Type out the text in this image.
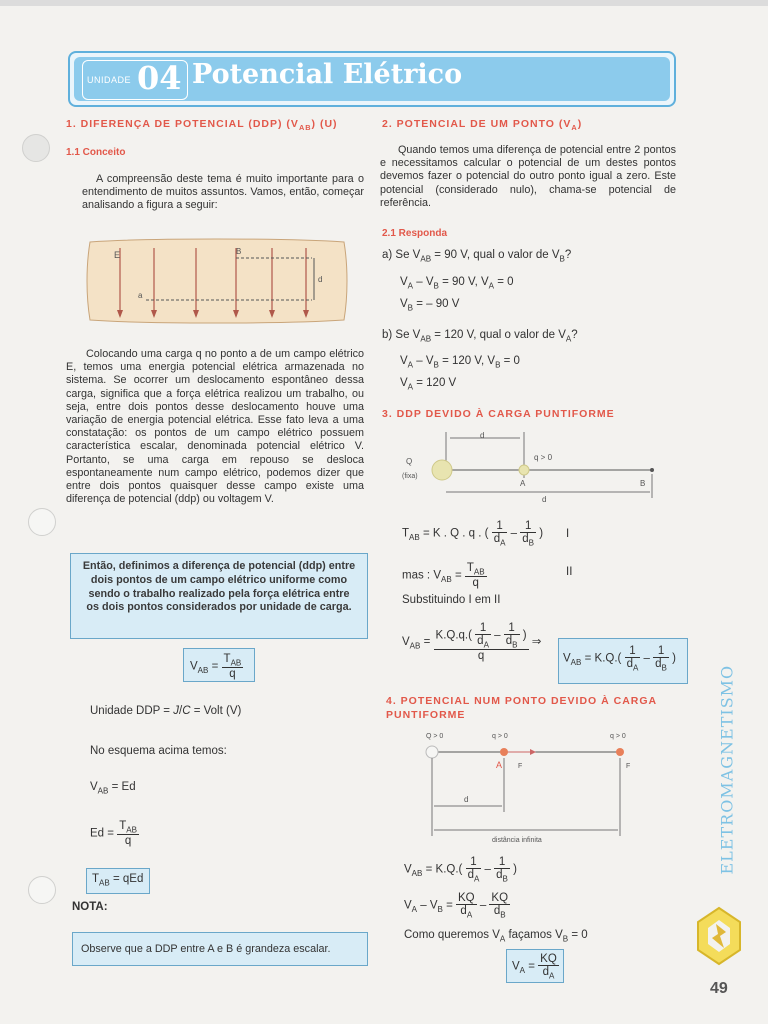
UNIDADE 04 Potencial Elétrico
1. DIFERENÇA DE POTENCIAL (DDP) $(V_{AB})$ (U)
1.1 Conceito
A compreensão deste tema é muito importante para o entendimento de muitos assuntos. Vamos, então, começar analisando a figura a seguir:
E	B
a
d
Colocando uma carga q no ponto a de um campo elétrico E, temos uma energia potencial elétrica armazenada no sistema. Se ocorrer um deslocamento espontâneo dessa carga, significa que a força elétrica realizou um trabalho, ou seja, entre dois pontos desse deslocamento houve uma variação de energia potencial elétrica. Esse fato leva a uma constatação: os pontos de um campo elétrico possuem característica escalar, denominada potencial elétrico V. Portanto, se uma carga em repouso se desloca espontaneamente num campo elétrico, podemos dizer que entre dois pontos quaisquer desse campo existe uma diferença de potencial (ddp) ou voltagem V.
Então, definimos a diferença de potencial (ddp) entre dois pontos de um campo elétrico uniforme como sendo o trabalho realizado pela força elétrica entre os dois pontos considerados por unidade de carga.
$V_{AB} = \frac{T_{AB}}{q}$
Unidade DDP = J/C = Volt (V)
No esquema acima temos:
$V_{AB} = Ed$
$Ed = \frac{T_{AB}}{q}$
$T_{AB}$ = qEd
NOTA:
Observe que a DDP entre A e B é grandeza escalar.
2. POTENCIAL DE UM PONTO $(V_A)$
Quando temos uma diferença de potencial entre 2 pontos e necessitamos calcular o potencial de um destes pontos devemos fazer o potencial do outro ponto igual a zero. Este potencial (considerado nulo), chama-se potencial de referência.
2.1 Responda
a) Se $V_{AB} = 90$ V, qual o valor de $V_B$?
$V_A - V_B = 90$ V, $V_A = 0$
$V_B$ = – 90 V
b) Se $V_{AB} = 120$ V, qual o valor de $V_A$?
$V_A - V_B = 120$ V, $V_B = 0$
$V_A = 120$ V
3. DDP DEVIDO À CARGA PUNTIFORME
d
q > 0
Q
(fixa)
A	B
d
$T_{AB} = K$ . Q . q . ( $\frac{1}{d_A} - \frac{1}{d_B}$ ) I
mas : $V_{AB} = \frac{T_{AB}}{q}$	II
Substituindo I em II
$V_{AB} = \frac{K.Q.q.( \frac{1}{d_A} - \frac{1}{d_B} )}{q}$ ⇒
$V_{AB} = K.Q.( \frac{1}{d_A} - \frac{1}{d_B}$ )
4. POTENCIAL NUM PONTO DEVIDO À CARGA PUNTIFORME
Q > 0	q > 0	q > 0
A F	F
d
distância infinita
$V_{AB} = K.Q.( \frac{1}{d_A} - \frac{1}{d_B}$ )
$V_A - V_B = \frac{KQ}{d_A} - \frac{KQ}{d_B}$
Como queremos $V_A$ façamos $V_B = 0$
$V_A = \frac{KQ}{d_A}$
ELETROMAGNETISMO
49
